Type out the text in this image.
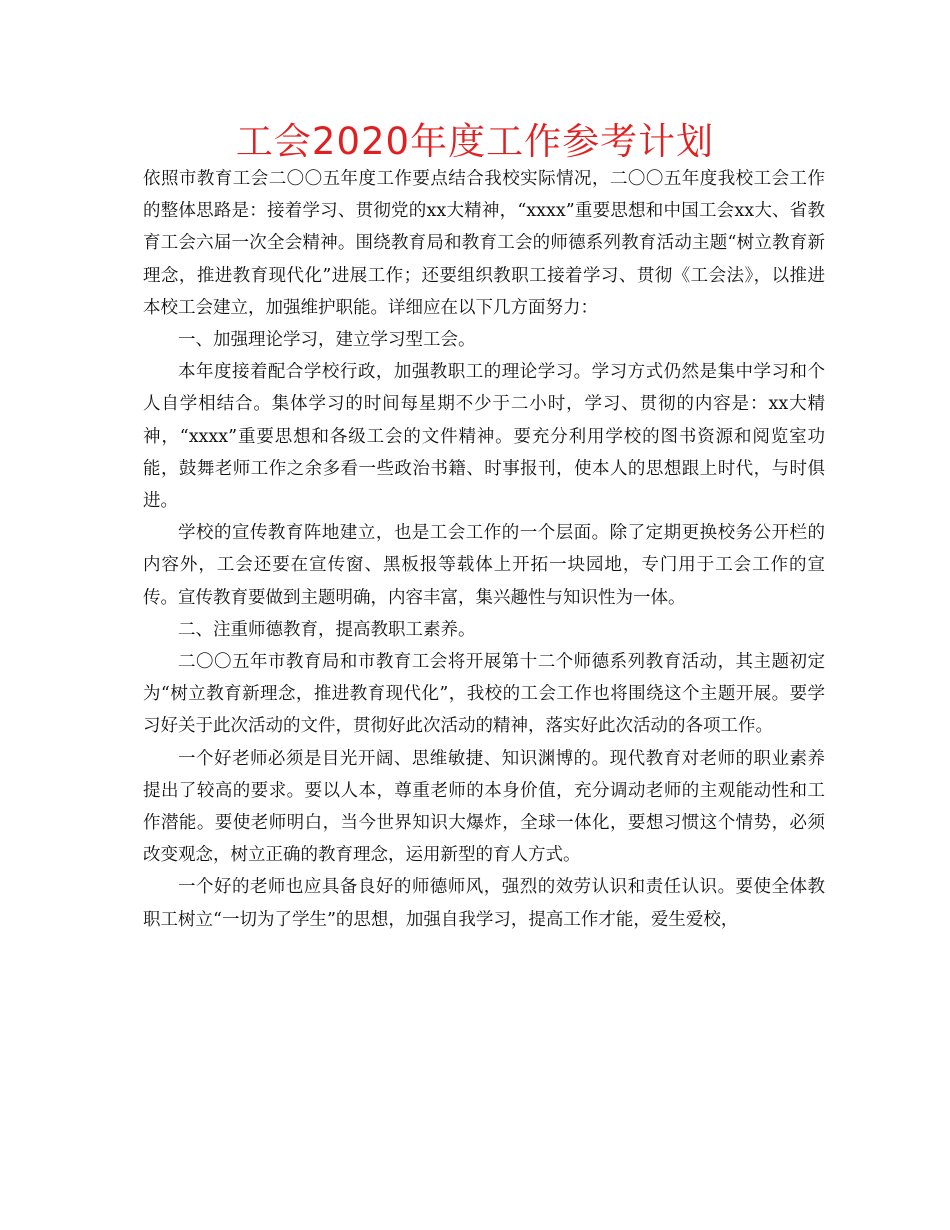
工会2020年度工作参考计划

依照市教育工会二〇〇五年度工作要点结合我校实际情况，二〇〇五年度我校工会工作的整体思路是：接着学习、贯彻党的xx大精神，“xxxx”重要思想和中国工会xx大、省教育工会六届一次全会精神。围绕教育局和教育工会的师德系列教育活动主题“树立教育新理念，推进教育现代化”进展工作；还要组织教职工接着学习、贯彻《工会法》，以推进本校工会建立，加强维护职能。详细应在以下几方面努力：

一、加强理论学习，建立学习型工会。

本年度接着配合学校行政，加强教职工的理论学习。学习方式仍然是集中学习和个人自学相结合。集体学习的时间每星期不少于二小时，学习、贯彻的内容是：xx大精神，“xxxx”重要思想和各级工会的文件精神。要充分利用学校的图书资源和阅览室功能，鼓舞老师工作之余多看一些政治书籍、时事报刊，使本人的思想跟上时代，与时俱进。

学校的宣传教育阵地建立，也是工会工作的一个层面。除了定期更换校务公开栏的内容外，工会还要在宣传窗、黑板报等载体上开拓一块园地，专门用于工会工作的宣传。宣传教育要做到主题明确，内容丰富，集兴趣性与知识性为一体。

二、注重师德教育，提高教职工素养。

二〇〇五年市教育局和市教育工会将开展第十二个师德系列教育活动，其主题初定为“树立教育新理念，推进教育现代化”，我校的工会工作也将围绕这个主题开展。要学习好关于此次活动的文件，贯彻好此次活动的精神，落实好此次活动的各项工作。

一个好老师必须是目光开阔、思维敏捷、知识渊博的。现代教育对老师的职业素养提出了较高的要求。要以人本，尊重老师的本身价值，充分调动老师的主观能动性和工作潜能。要使老师明白，当今世界知识大爆炸，全球一体化，要想习惯这个情势，必须改变观念，树立正确的教育理念，运用新型的育人方式。

一个好的老师也应具备良好的师德师风，强烈的效劳认识和责任认识。要使全体教职工树立“一切为了学生”的思想，加强自我学习，提高工作才能，爱生爱校，
